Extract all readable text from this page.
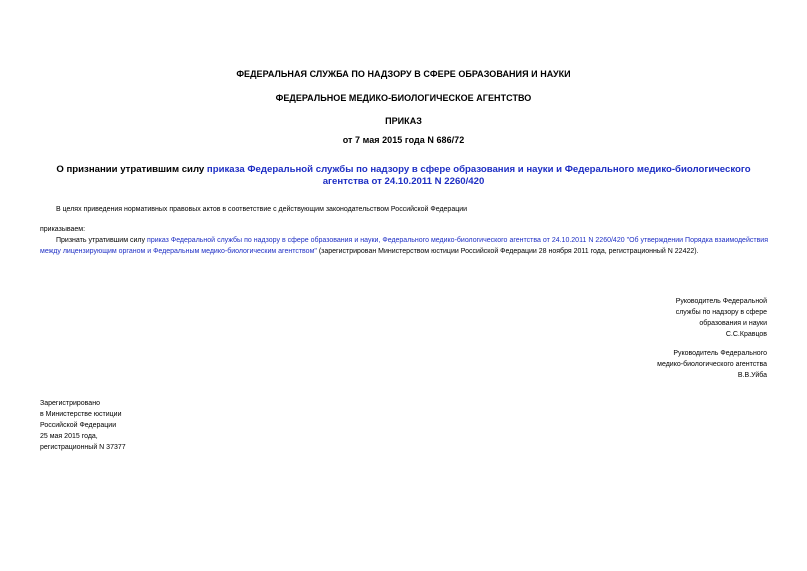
ФЕДЕРАЛЬНАЯ СЛУЖБА ПО НАДЗОРУ В СФЕРЕ ОБРАЗОВАНИЯ И НАУКИ
ФЕДЕРАЛЬНОЕ МЕДИКО-БИОЛОГИЧЕСКОЕ АГЕНТСТВО
ПРИКАЗ
от 7 мая 2015 года N 686/72
О признании утратившим силу приказа Федеральной службы по надзору в сфере образования и науки и Федерального медико-биологического агентства от 24.10.2011 N 2260/420
В целях приведения нормативных правовых актов в соответствие с действующим законодательством Российской Федерации
приказываем:
Признать утратившим силу приказ Федеральной службы по надзору в сфере образования и науки, Федерального медико-биологического агентства от 24.10.2011 N 2260/420 "Об утверждении Порядка взаимодействия между лицензирующим органом и Федеральным медико-биологическим агентством" (зарегистрирован Министерством юстиции Российской Федерации 28 ноября 2011 года, регистрационный N 22422).
Руководитель Федеральной
службы по надзору в сфере
образования и науки
С.С.Кравцов
Руководитель Федерального
медико-биологического агентства
В.В.Уйба
Зарегистрировано
в Министерстве юстиции
Российской Федерации
25 мая 2015 года,
регистрационный N 37377
